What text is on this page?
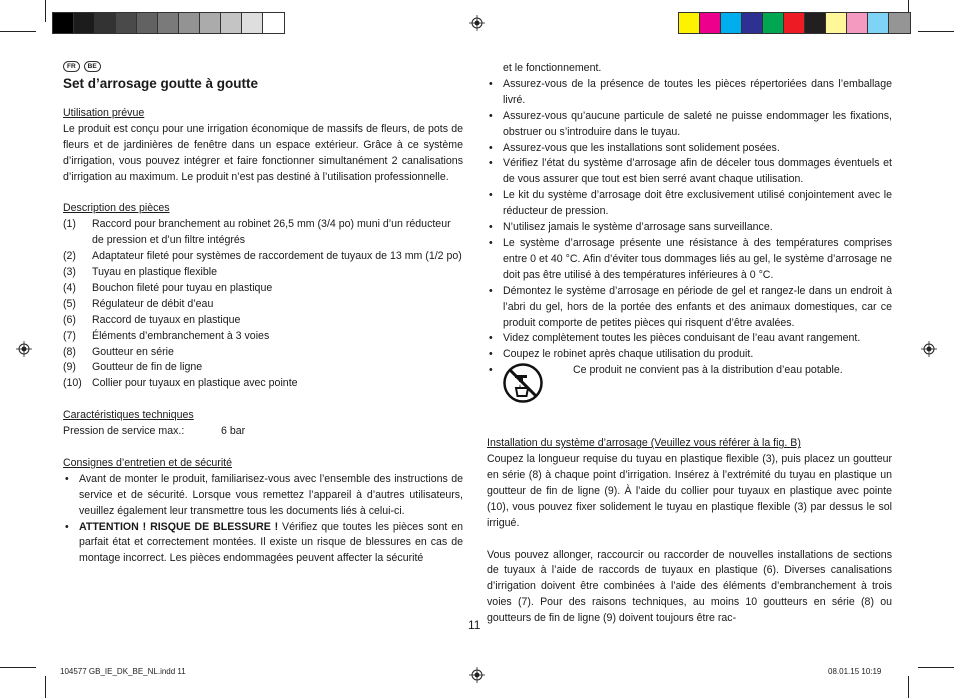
FR	BE
Set d’arrosage goutte à goutte
Utilisation prévue
Le produit est conçu pour une irrigation économique de massifs de fleurs, de pots de fleurs et de jardinières de fenêtre dans un espace extérieur. Grâce à ce système d’irrigation, vous pouvez intégrer et faire fonctionner simultanément 2 canalisations d’irrigation au maximum. Le produit n’est pas destiné à l’utilisation professionnelle.
Description des pièces
(1)	Raccord pour branchement au robinet 26,5 mm (3/4 po) muni d’un réducteur de pression et d’un filtre intégrés
(2)	Adaptateur fileté pour systèmes de raccordement de tuyaux de 13 mm (1/2 po)
(3)	Tuyau en plastique flexible
(4)	Bouchon fileté pour tuyau en plastique
(5)	Régulateur de débit d’eau
(6)	Raccord de tuyaux en plastique
(7)	Éléments d’embranchement à 3 voies
(8)	Goutteur en série
(9)	Goutteur de fin de ligne
(10) Collier pour tuyaux en plastique avec pointe
Caractéristiques techniques
Pression de service max.:	6 bar
Consignes d’entretien et de sécurité
• Avant de monter le produit, familiarisez-vous avec l’ensemble des instructions de service et de sécurité. Lorsque vous remettez l’appareil à d’autres utilisateurs, veuillez également leur transmettre tous les documents liés à celui-ci.
• ATTENTION ! RISQUE DE BLESSURE ! Vérifiez que toutes les pièces sont en parfait état et correctement montées. Il existe un risque de blessures en cas de montage incorrect. Les pièces endommagées peuvent affecter la sécurité
et le fonctionnement.
• Assurez-vous de la présence de toutes les pièces répertoriées dans l’emballage livré.
• Assurez-vous qu’aucune particule de saleté ne puisse endommager les fixations, obstruer ou s’introduire dans le tuyau.
• Assurez-vous que les installations sont solidement posées.
• Vérifiez l’état du système d’arrosage afin de déceler tous dommages éventuels et de vous assurer que tout est bien serré avant chaque utilisation.
• Le kit du système d’arrosage doit être exclusivement utilisé conjointement avec le réducteur de pression.
• N’utilisez jamais le système d’arrosage sans surveillance.
• Le système d’arrosage présente une résistance à des températures comprises entre 0 et 40 °C. Afin d’éviter tous dommages liés au gel, le système d’arrosage ne doit pas être utilisé à des températures inférieures à 0 °C.
• Démontez le système d’arrosage en période de gel et rangez-le dans un endroit à l’abri du gel, hors de la portée des enfants et des animaux domestiques, car ce produit comporte de petites pièces qui risquent d’être avalées.
• Videz complètement toutes les pièces conduisant de l’eau avant rangement.
• Coupez le robinet après chaque utilisation du produit.
•	Ce produit ne convient pas à la distribution d’eau potable.
Installation du système d’arrosage (Veuillez vous référer à la fig. B)
Coupez la longueur requise du tuyau en plastique flexible (3), puis placez un goutteur en série (8) à chaque point d’irrigation. Insérez à l’extrémité du tuyau en plastique un goutteur de fin de ligne (9). À l’aide du collier pour tuyaux en plastique avec pointe (10), vous pouvez fixer solidement le tuyau en plastique flexible (3) par dessus le sol irrigué.
Vous pouvez allonger, raccourcir ou raccorder de nouvelles installations de sections de tuyaux à l’aide de raccords de tuyaux en plastique (6). Diverses canalisations d’irrigation doivent être combinées à l’aide des éléments d’embranchement à trois voies (7). Pour des raisons techniques, au moins 10 goutteurs en série (8) ou goutteurs de fin de ligne (9) doivent toujours être rac-
11
104577 GB_IE_DK_BE_NL.indd 11	08.01.15 10:19
